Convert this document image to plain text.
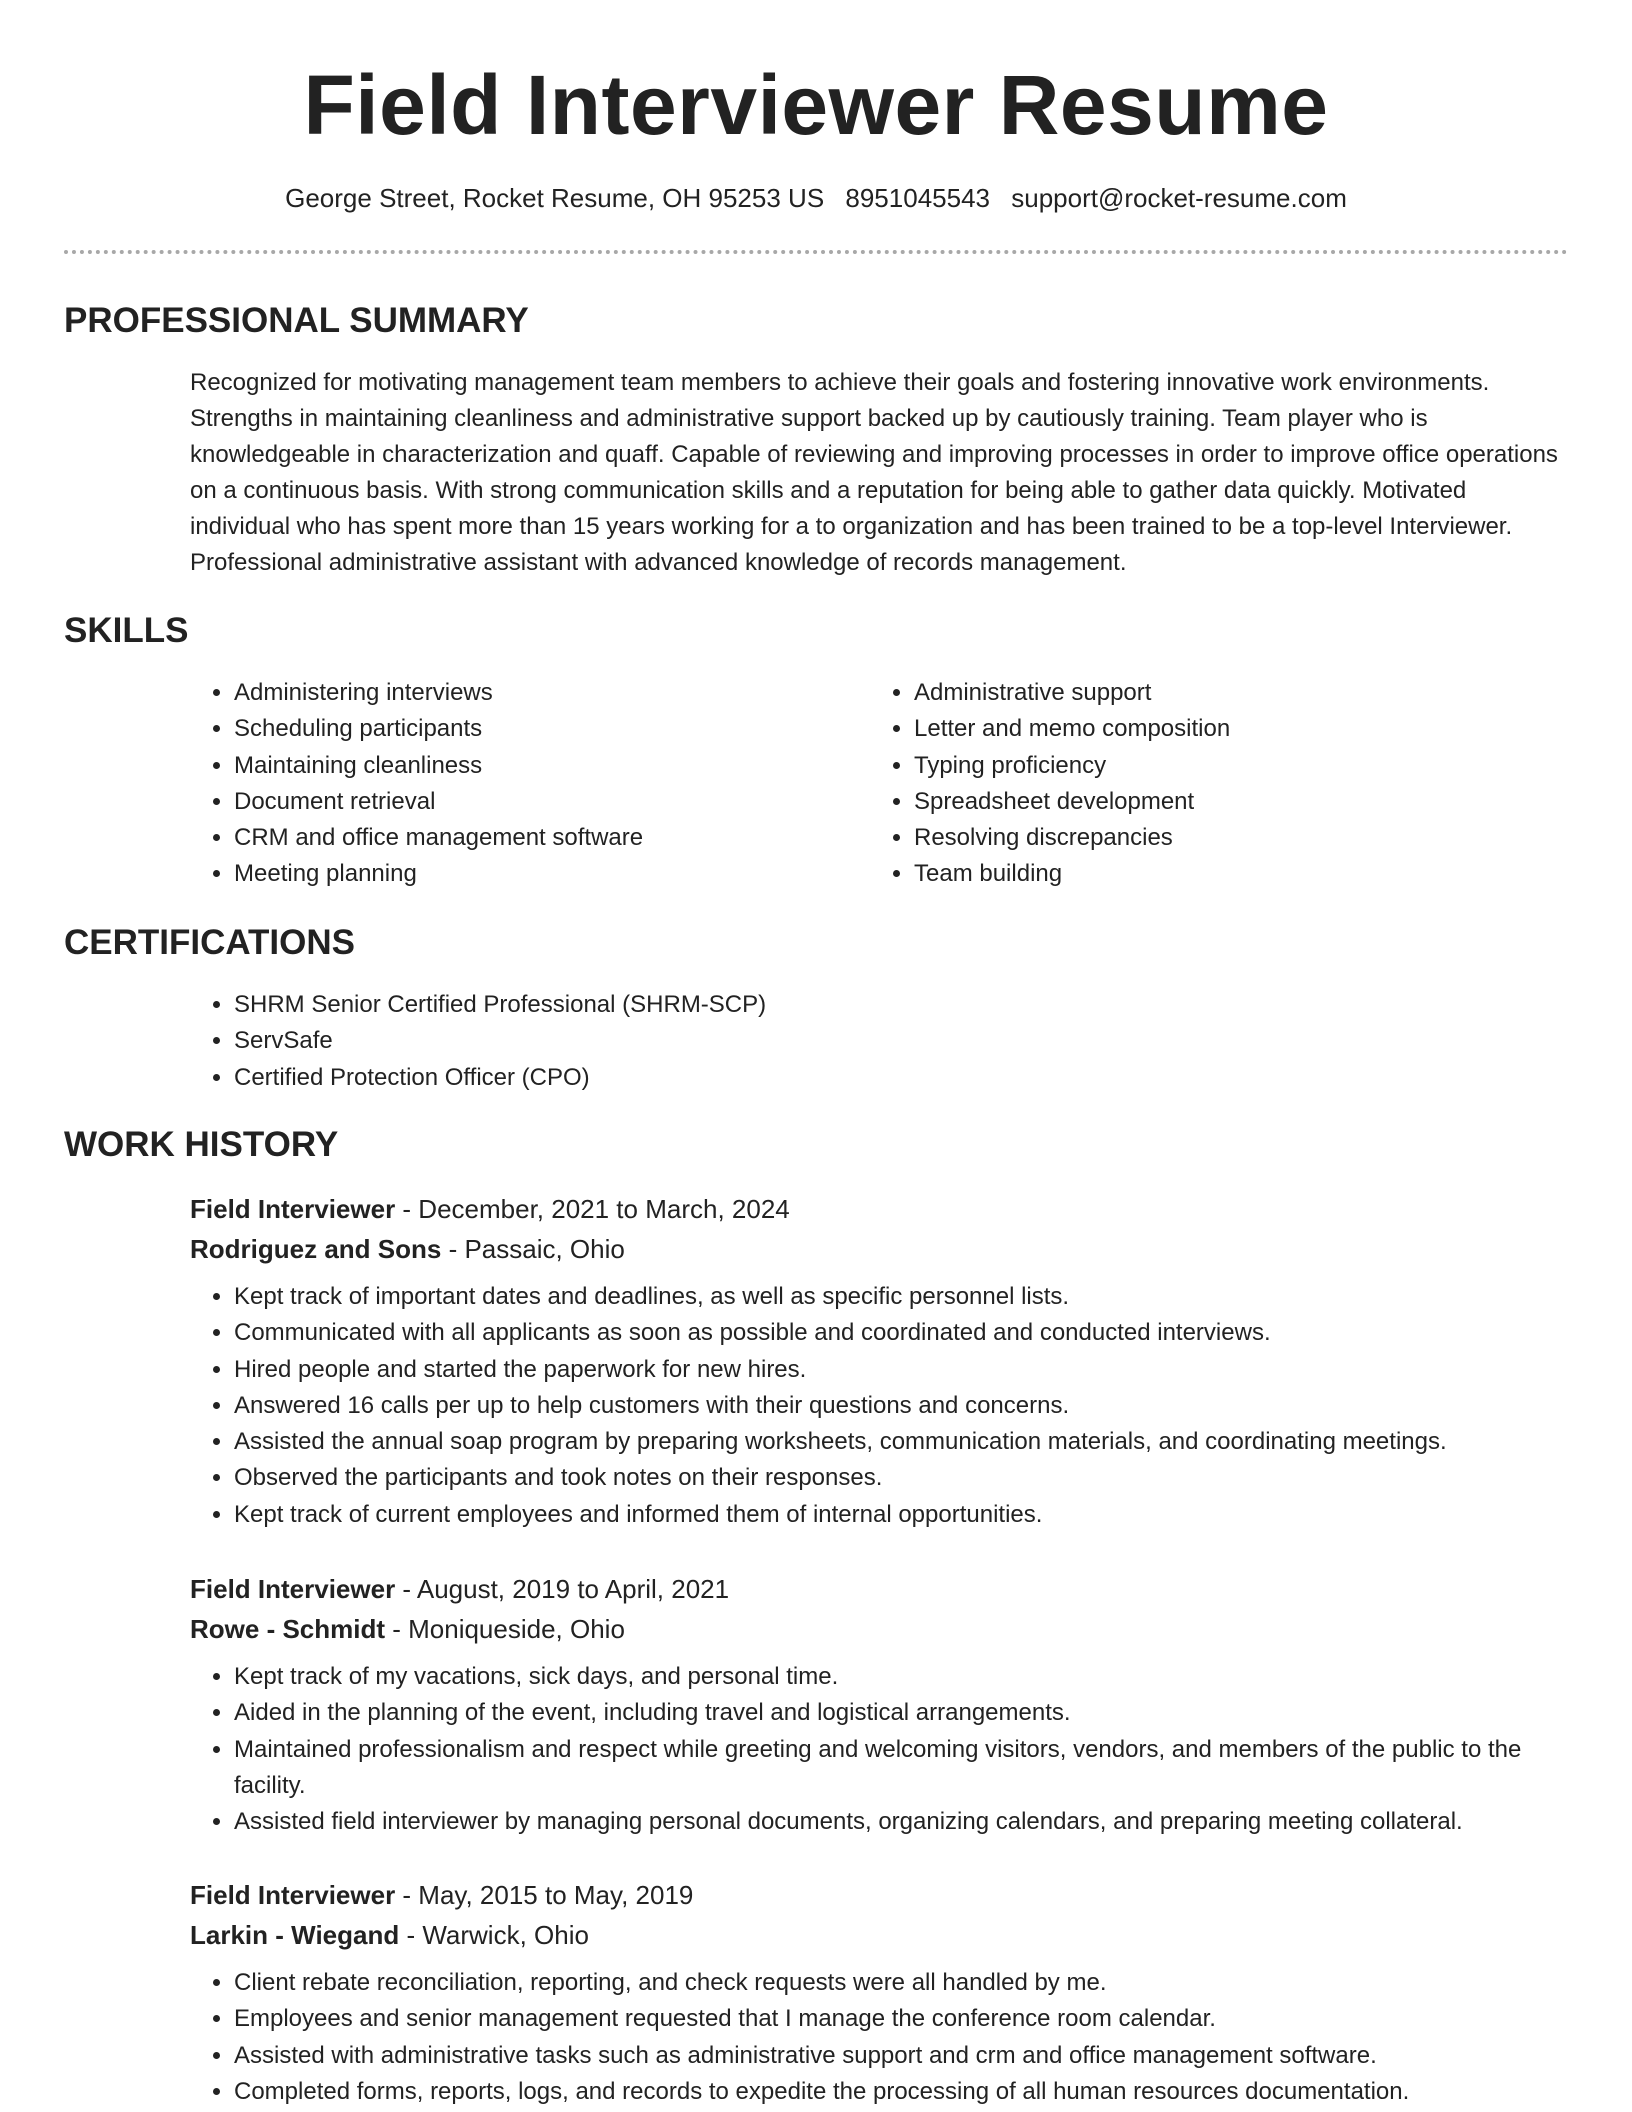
Field Interviewer Resume
George Street, Rocket Resume, OH 95253 US 8951045543 support@rocket-resume.com
PROFESSIONAL SUMMARY

Recognized for motivating management team members to achieve their goals and fostering innovative work environments. Strengths in maintaining cleanliness and administrative support backed up by cautiously training. Team player who is knowledgeable in characterization and quaff. Capable of reviewing and improving processes in order to improve office operations on a continuous basis. With strong communication skills and a reputation for being able to gather data quickly. Motivated individual who has spent more than 15 years working for a to organization and has been trained to be a top-level Interviewer. Professional administrative assistant with advanced knowledge of records management.

SKILLS
• Administering interviews
• Scheduling participants
• Maintaining cleanliness
• Document retrieval
• CRM and office management software
• Meeting planning
• Administrative support
• Letter and memo composition
• Typing proficiency
• Spreadsheet development
• Resolving discrepancies
• Team building
CERTIFICATIONS
• SHRM Senior Certified Professional (SHRM-SCP)
• ServSafe
• Certified Protection Officer (CPO)
WORK HISTORY

Field Interviewer - December, 2021 to March, 2024

Rodriguez and Sons - Passaic, Ohio

• Kept track of important dates and deadlines, as well as specific personnel lists.
• Communicated with all applicants as soon as possible and coordinated and conducted interviews.
• Hired people and started the paperwork for new hires.
• Answered 16 calls per up to help customers with their questions and concerns.
• Assisted the annual soap program by preparing worksheets, communication materials, and coordinating meetings.
• Observed the participants and took notes on their responses.
• Kept track of current employees and informed them of internal opportunities.

Field Interviewer - August, 2019 to April, 2021

Rowe - Schmidt - Moniqueside, Ohio

• Kept track of my vacations, sick days, and personal time.
• Aided in the planning of the event, including travel and logistical arrangements.
• Maintained professionalism and respect while greeting and welcoming visitors, vendors, and members of the public to the facility.
• Assisted field interviewer by managing personal documents, organizing calendars, and preparing meeting collateral.

Field Interviewer - May, 2015 to May, 2019

Larkin - Wiegand - Warwick, Ohio

• Client rebate reconciliation, reporting, and check requests were all handled by me.
• Employees and senior management requested that I manage the conference room calendar.
• Assisted with administrative tasks such as administrative support and crm and office management software.
• Completed forms, reports, logs, and records to expedite the processing of all human resources documentation.
